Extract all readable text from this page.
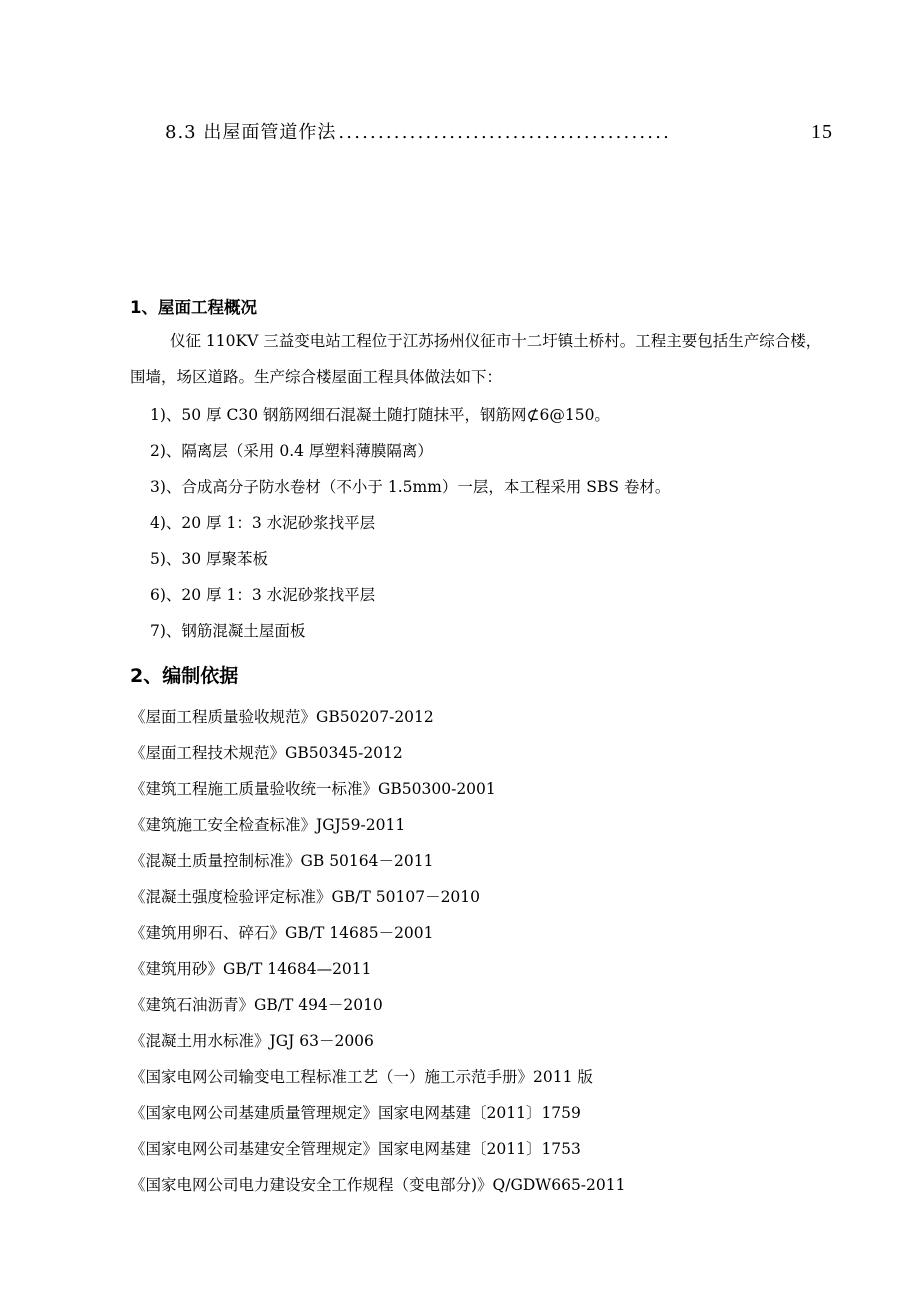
8.3 出屋面管道作法 ..........................................	15
1、屋面工程概况
仪征 110KV 三益变电站工程位于江苏扬州仪征市十二圩镇土桥村。工程主要包括生产综合楼，围墙，场区道路。生产综合楼屋面工程具体做法如下：
1)、50 厚 C30 钢筋网细石混凝土随打随抹平，钢筋网⊄6@150。
2)、隔离层（采用 0.4 厚塑料薄膜隔离）
3)、合成高分子防水卷材（不小于 1.5mm）一层，本工程采用 SBS 卷材。
4)、20 厚 1：3 水泥砂浆找平层
5)、30 厚聚苯板
6)、20 厚 1：3 水泥砂浆找平层
7)、钢筋混凝土屋面板
2、编制依据
《屋面工程质量验收规范》GB50207-2012
《屋面工程技术规范》GB50345-2012
《建筑工程施工质量验收统一标准》GB50300-2001
《建筑施工安全检查标准》JGJ59-2011
《混凝土质量控制标准》GB 50164－2011
《混凝土强度检验评定标准》GB/T 50107－2010
《建筑用卵石、碎石》GB/T 14685－2001
《建筑用砂》GB/T 14684—2011
《建筑石油沥青》GB/T 494－2010
《混凝土用水标准》JGJ 63－2006
《国家电网公司输变电工程标准工艺（一）施工示范手册》2011 版
《国家电网公司基建质量管理规定》国家电网基建〔2011〕1759
《国家电网公司基建安全管理规定》国家电网基建〔2011〕1753
《国家电网公司电力建设安全工作规程（变电部分)》Q/GDW665-2011
